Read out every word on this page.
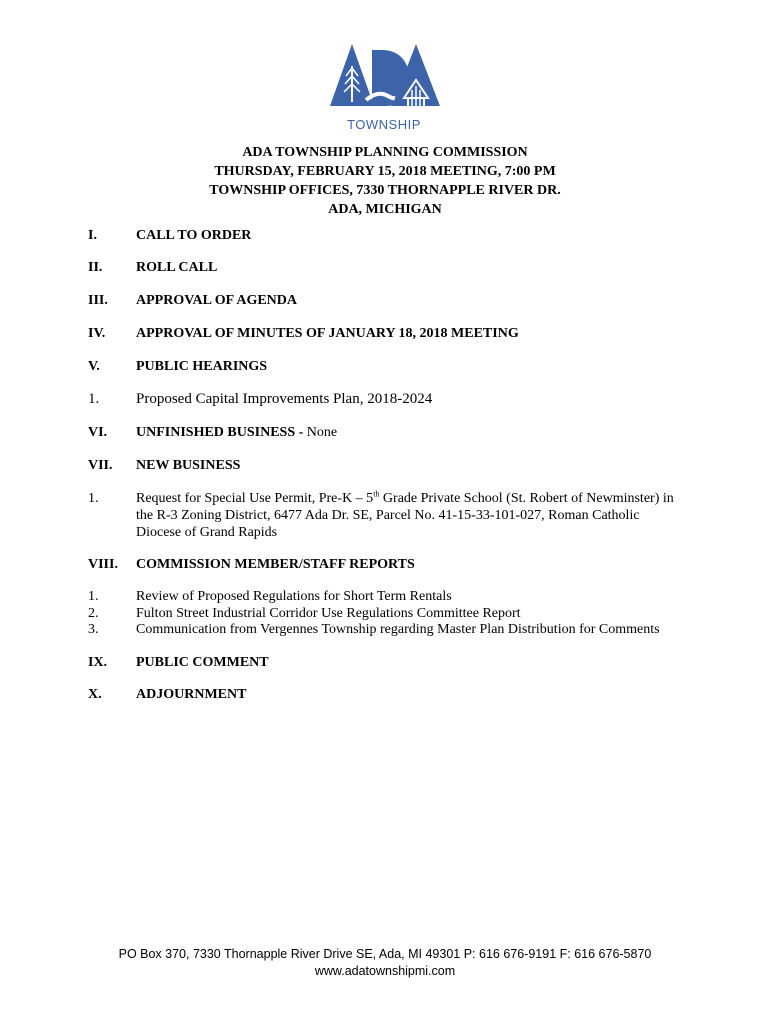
TOWNSHIP
ADA TOWNSHIP PLANNING COMMISSION
THURSDAY, FEBRUARY 15, 2018 MEETING, 7:00 PM
TOWNSHIP OFFICES, 7330 THORNAPPLE RIVER DR.
ADA, MICHIGAN
I.	CALL TO ORDER
II. ROLL CALL
III. APPROVAL OF AGENDA
IV. APPROVAL OF MINUTES OF JANUARY 18, 2018 MEETING
V.	PUBLIC HEARINGS
1. Proposed Capital Improvements Plan, 2018-2024
VI. UNFINISHED BUSINESS - None
VII. NEW BUSINESS
1.	Request for Special Use Permit, Pre-K – 5th Grade Private School (St. Robert of Newminster) in
the R-3 Zoning District, 6477 Ada Dr. SE, Parcel No. 41-15-33-101-027, Roman Catholic
Diocese of Grand Rapids
VIII. COMMISSION MEMBER/STAFF REPORTS
1.	Review of Proposed Regulations for Short Term Rentals
2.	Fulton Street Industrial Corridor Use Regulations Committee Report
3.	Communication from Vergennes Township regarding Master Plan Distribution for Comments
IX. PUBLIC COMMENT
X. ADJOURNMENT
PO Box 370, 7330 Thornapple River Drive SE, Ada, MI 49301 P: 616 676-9191 F: 616 676-5870
www.adatownshipmi.com
